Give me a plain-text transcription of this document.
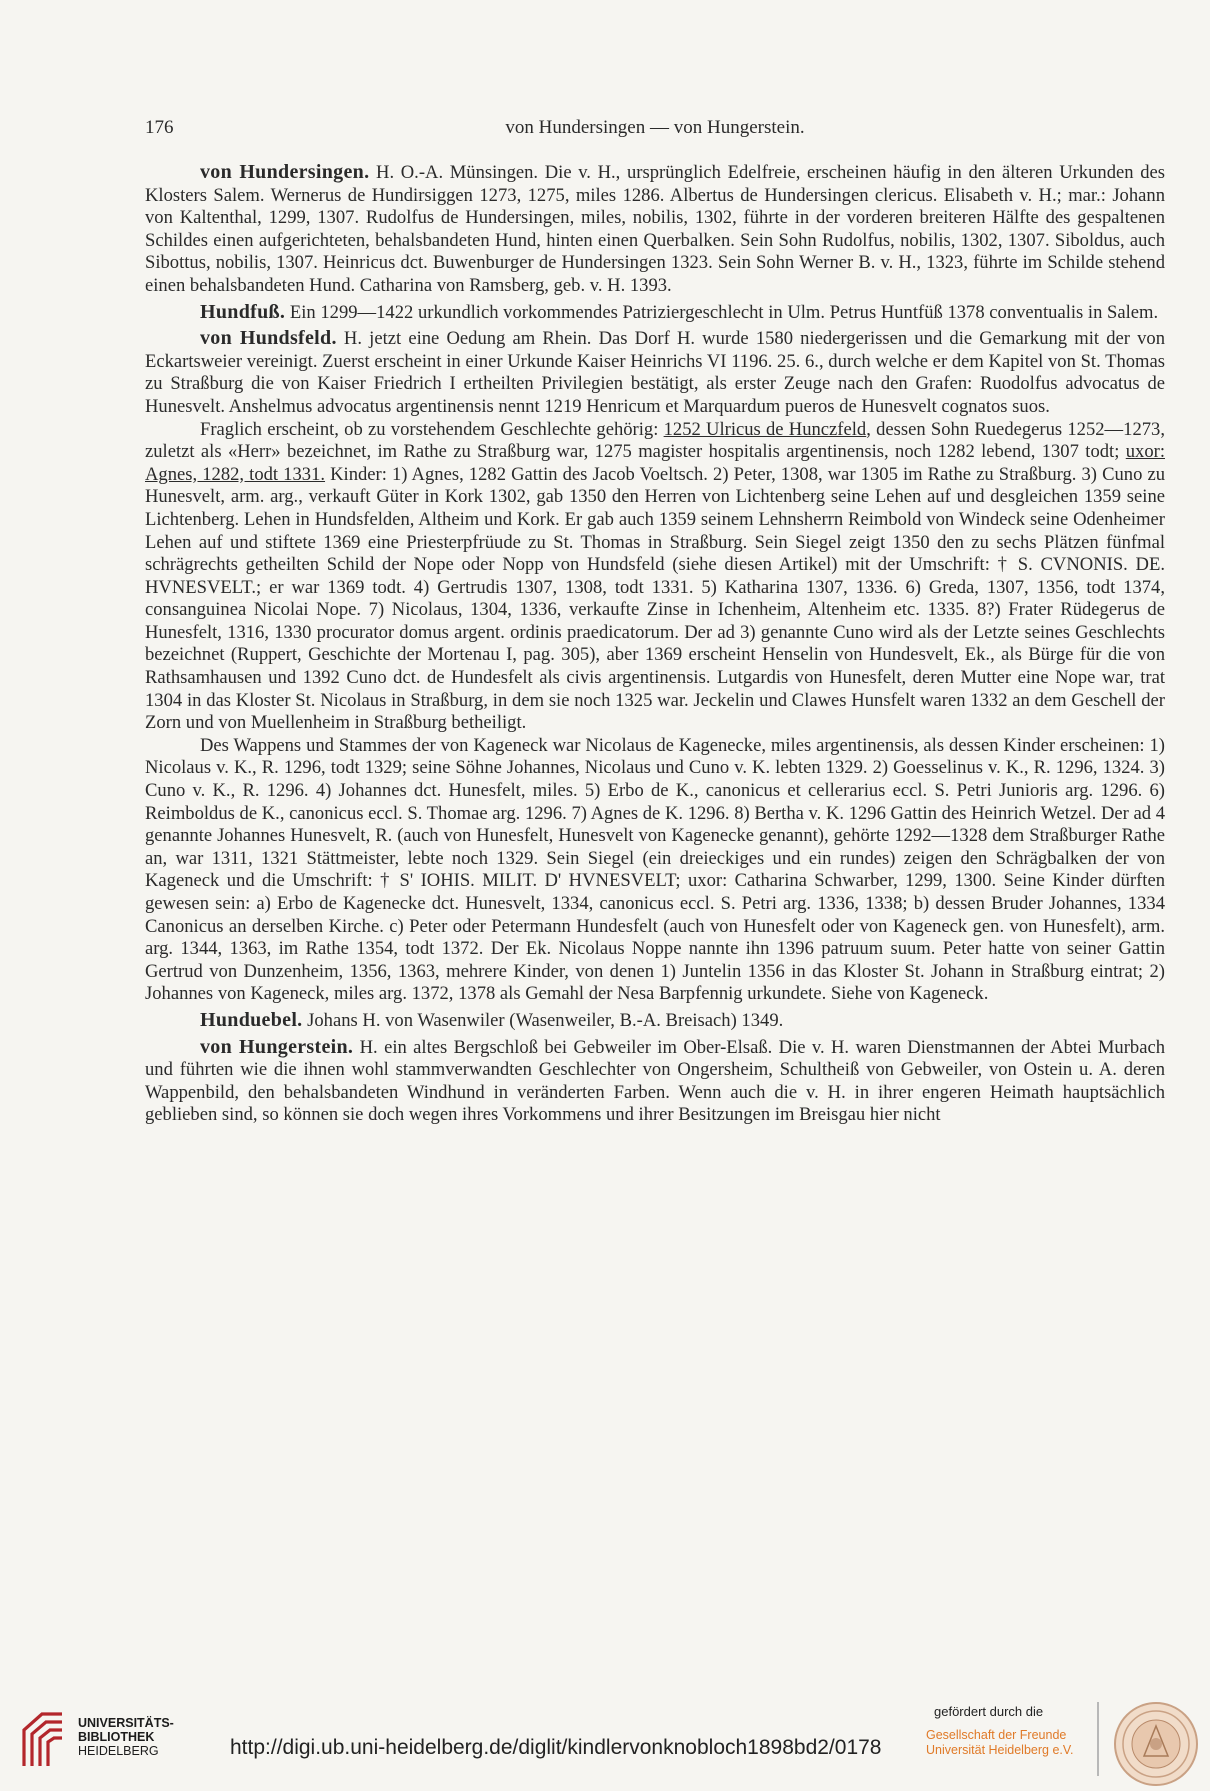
176	von Hundersingen — von Hungerstein.

von Hundersingen. H. O.-A. Münsingen. Die v. H., ursprünglich Edelfreie, erscheinen häufig in den älteren Urkunden des Klosters Salem. Wernerus de Hundirsiggen 1273, 1275, miles 1286. Albertus de Hundersingen clericus. Elisabeth v. H.; mar.: Johann von Kaltenthal, 1299, 1307. Rudolfus de Hundersingen, miles, nobilis, 1302, führte in der vorderen breiteren Hälfte des gespaltenen Schildes einen aufgerichteten, behalsbandeten Hund, hinten einen Querbalken. Sein Sohn Rudolfus, nobilis, 1302, 1307. Siboldus, auch Sibottus, nobilis, 1307. Heinricus dct. Buwenburger de Hundersingen 1323. Sein Sohn Werner B. v. H., 1323, führte im Schilde stehend einen behalsbandeten Hund. Catharina von Ramsberg, geb. v. H. 1393.

Hundfuß. Ein 1299—1422 urkundlich vorkommendes Patriziergeschlecht in Ulm. Petrus Huntfüß 1378 conventualis in Salem.

von Hundsfeld. H. jetzt eine Oedung am Rhein. Das Dorf H. wurde 1580 niedergerissen und die Gemarkung mit der von Eckartsweier vereinigt. Zuerst erscheint in einer Urkunde Kaiser Heinrichs VI 1196. 25. 6., durch welche er dem Kapitel von St. Thomas zu Straßburg die von Kaiser Friedrich I ertheilten Privilegien bestätigt, als erster Zeuge nach den Grafen: Ruodolfus advocatus de Hunesvelt. Anshelmus advocatus argentinensis nennt 1219 Henricum et Marquardum pueros de Hunesvelt cognatos suos.

Fraglich erscheint, ob zu vorstehendem Geschlechte gehörig: 1252 Ulricus de Hunczfeld, dessen Sohn Ruedegerus 1252—1273, zuletzt als «Herr» bezeichnet, im Rathe zu Straßburg war, 1275 magister hospitalis argentinensis, noch 1282 lebend, 1307 todt; uxor: Agnes, 1282, todt 1331. Kinder: 1) Agnes, 1282 Gattin des Jacob Voeltsch. 2) Peter, 1308, war 1305 im Rathe zu Straßburg. 3) Cuno zu Hunesvelt, arm. arg., verkauft Güter in Kork 1302, gab 1350 den Herren von Lichtenberg seine Lehen auf und desgleichen 1359 seine Lichtenberg. Lehen in Hundsfelden, Altheim und Kork. Er gab auch 1359 seinem Lehnsherrn Reimbold von Windeck seine Odenheimer Lehen auf und stiftete 1369 eine Priesterpfrüude zu St. Thomas in Straßburg. Sein Siegel zeigt 1350 den zu sechs Plätzen fünfmal schrägrechts getheilten Schild der Nope oder Nopp von Hundsfeld (siehe diesen Artikel) mit der Umschrift: † S. CVNONIS. DE. HVNESVELT.; er war 1369 todt. 4) Gertrudis 1307, 1308, todt 1331. 5) Katharina 1307, 1336. 6) Greda, 1307, 1356, todt 1374, consanguinea Nicolai Nope. 7) Nicolaus, 1304, 1336, verkaufte Zinse in Ichenheim, Altenheim etc. 1335. 8?) Frater Rüdegerus de Hunesfelt, 1316, 1330 procurator domus argent. ordinis praedicatorum. Der ad 3) genannte Cuno wird als der Letzte seines Geschlechts bezeichnet (Ruppert, Geschichte der Mortenau I, pag. 305), aber 1369 erscheint Henselin von Hundesvelt, Ek., als Bürge für die von Rathsamhausen und 1392 Cuno dct. de Hundesfelt als civis argentinensis. Lutgardis von Hunesfelt, deren Mutter eine Nope war, trat 1304 in das Kloster St. Nicolaus in Straßburg, in dem sie noch 1325 war. Jeckelin und Clawes Hunsfelt waren 1332 an dem Geschell der Zorn und von Muellenheim in Straßburg betheiligt.

Des Wappens und Stammes der von Kageneck war Nicolaus de Kagenecke, miles argentinensis, als dessen Kinder erscheinen: 1) Nicolaus v. K., R. 1296, todt 1329; seine Söhne Johannes, Nicolaus und Cuno v. K. lebten 1329. 2) Goesselinus v. K., R. 1296, 1324. 3) Cuno v. K., R. 1296. 4) Johannes dct. Hunesfelt, miles. 5) Erbo de K., canonicus et cellerarius eccl. S. Petri Junioris arg. 1296. 6) Reimboldus de K., canonicus eccl. S. Thomae arg. 1296. 7) Agnes de K. 1296. 8) Bertha v. K. 1296 Gattin des Heinrich Wetzel. Der ad 4 genannte Johannes Hunesvelt, R. (auch von Hunesfelt, Hunesvelt von Kagenecke genannt), gehörte 1292—1328 dem Straßburger Rathe an, war 1311, 1321 Stättmeister, lebte noch 1329. Sein Siegel (ein dreieckiges und ein rundes) zeigen den Schrägbalken der von Kageneck und die Umschrift: † S' IOHIS. MILIT. D' HVNESVELT; uxor: Catharina Schwarber, 1299, 1300. Seine Kinder dürften gewesen sein: a) Erbo de Kagenecke dct. Hunesvelt, 1334, canonicus eccl. S. Petri arg. 1336, 1338; b) dessen Bruder Johannes, 1334 Canonicus an derselben Kirche. c) Peter oder Petermann Hundesfelt (auch von Hunesfelt oder von Kageneck gen. von Hunesfelt), arm. arg. 1344, 1363, im Rathe 1354, todt 1372. Der Ek. Nicolaus Noppe nannte ihn 1396 patruum suum. Peter hatte von seiner Gattin Gertrud von Dunzenheim, 1356, 1363, mehrere Kinder, von denen 1) Juntelin 1356 in das Kloster St. Johann in Straßburg eintrat; 2) Johannes von Kageneck, miles arg. 1372, 1378 als Gemahl der Nesa Barpfennig urkundete. Siehe von Kageneck.

Hunduebel. Johans H. von Wasenwiler (Wasenweiler, B.-A. Breisach) 1349.

von Hungerstein. H. ein altes Bergschloß bei Gebweiler im Ober-Elsaß. Die v. H. waren Dienstmannen der Abtei Murbach und führten wie die ihnen wohl stammverwandten Geschlechter von Ongersheim, Schultheiß von Gebweiler, von Ostein u. A. deren Wappenbild, den behalsbandeten Windhund in veränderten Farben. Wenn auch die v. H. in ihrer engeren Heimath hauptsächlich geblieben sind, so können sie doch wegen ihres Vorkommens und ihrer Besitzungen im Breisgau hier nicht

UNIVERSITÄTS-
BIBLIOTHEK
HEIDELBERG	http://digi.ub.uni-heidelberg.de/diglit/kindlervonknobloch1898bd2/0178
gefördert durch die
Gesellschaft der Freunde
Universität Heidelberg e.V.
